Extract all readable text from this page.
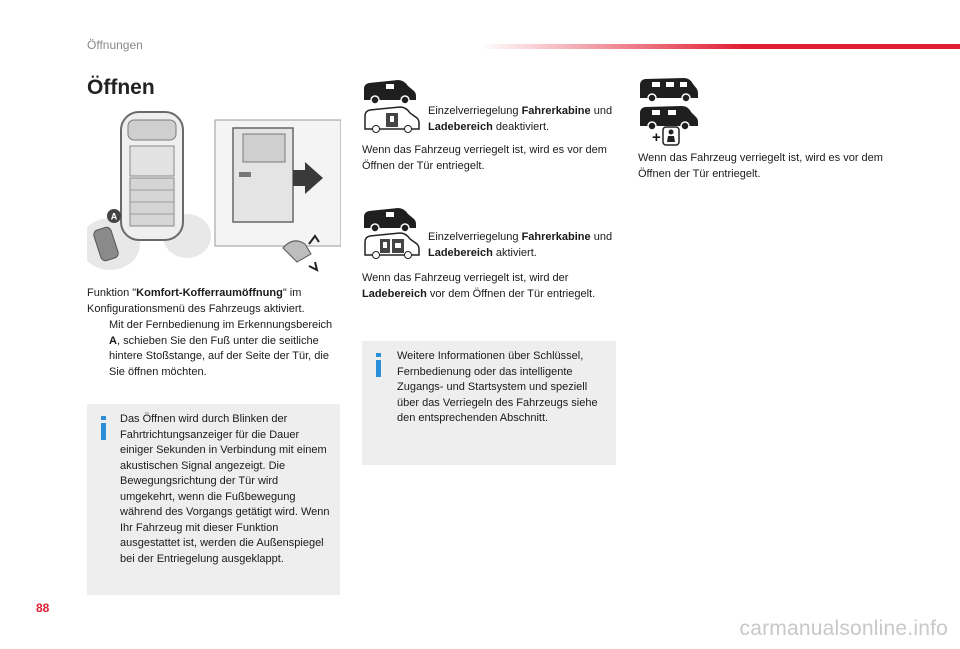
Öffnungen
Öffnen
A
Funktion "Komfort-Kofferraumöffnung" im Konfigurationsmenü des Fahrzeugs aktiviert.
Mit der Fernbedienung im Erkennungsbereich A, schieben Sie den Fuß unter die seitliche hintere Stoßstange, auf der Seite der Tür, die Sie öffnen möchten.
Das Öffnen wird durch Blinken der Fahrtrichtungsanzeiger für die Dauer einiger Sekunden in Verbindung mit einem akustischen Signal angezeigt. Die Bewegungsrichtung der Tür wird umgekehrt, wenn die Fußbewegung während des Vorgangs getätigt wird. Wenn Ihr Fahrzeug mit dieser Funktion ausgestattet ist, werden die Außenspiegel bei der Entriegelung ausgeklappt.
Einzelverriegelung Fahrerkabine und Ladebereich deaktiviert.
Wenn das Fahrzeug verriegelt ist, wird es vor dem Öffnen der Tür entriegelt.
Einzelverriegelung Fahrerkabine und Ladebereich aktiviert.
Wenn das Fahrzeug verriegelt ist, wird der Ladebereich vor dem Öffnen der Tür entriegelt.
Weitere Informationen über Schlüssel, Fernbedienung oder das intelligente Zugangs- und Startsystem und speziell über das Verriegeln des Fahrzeugs siehe den entsprechenden Abschnitt.
+
Wenn das Fahrzeug verriegelt ist, wird es vor dem Öffnen der Tür entriegelt.
88
carmanualsonline.info
